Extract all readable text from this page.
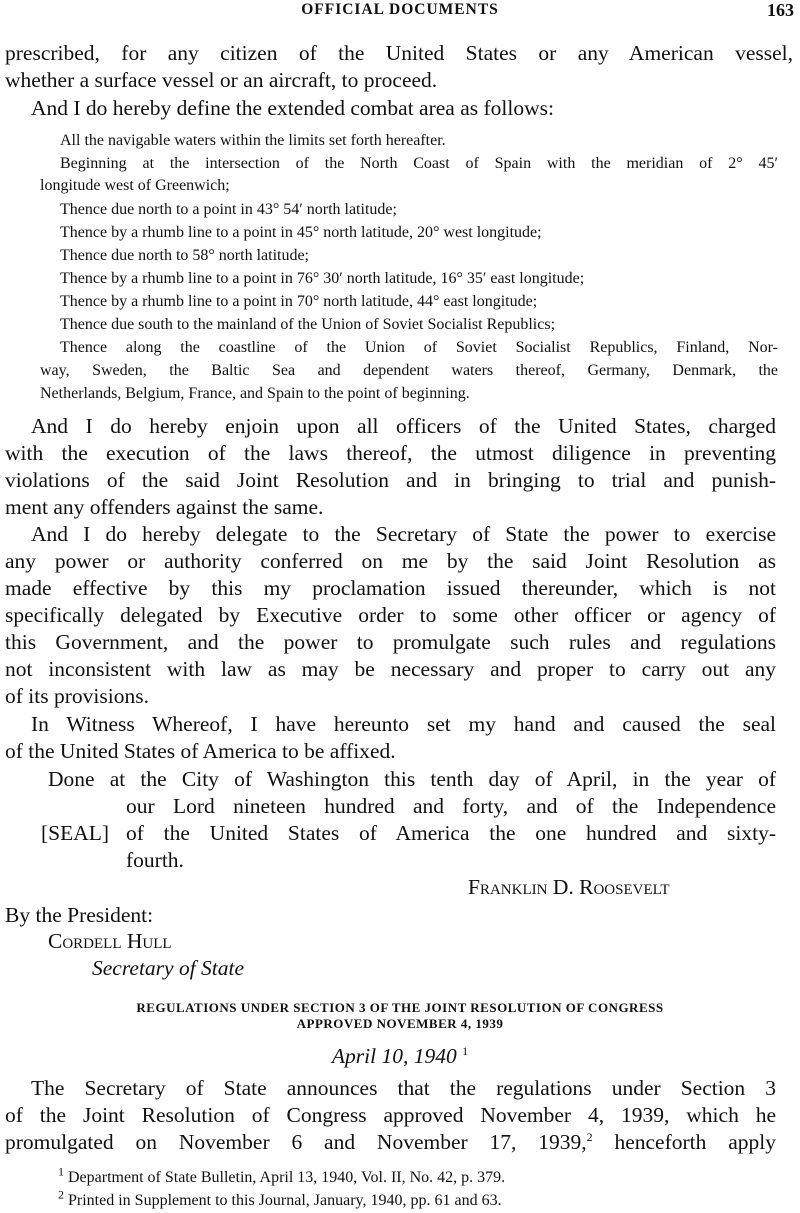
OFFICIAL DOCUMENTS	163
prescribed, for any citizen of the United States or any American vessel,
whether a surface vessel or an aircraft, to proceed.
And I do hereby define the extended combat area as follows:
All the navigable waters within the limits set forth hereafter.
Beginning at the intersection of the North Coast of Spain with the meridian of 2° 45′
longitude west of Greenwich;
Thence due north to a point in 43° 54′ north latitude;
Thence by a rhumb line to a point in 45° north latitude, 20° west longitude;
Thence due north to 58° north latitude;
Thence by a rhumb line to a point in 76° 30′ north latitude, 16° 35′ east longitude;
Thence by a rhumb line to a point in 70° north latitude, 44° east longitude;
Thence due south to the mainland of the Union of Soviet Socialist Republics;
Thence along the coastline of the Union of Soviet Socialist Republics, Finland, Nor-
way, Sweden, the Baltic Sea and dependent waters thereof, Germany, Denmark, the
Netherlands, Belgium, France, and Spain to the point of beginning.
And I do hereby enjoin upon all officers of the United States, charged
with the execution of the laws thereof, the utmost diligence in preventing
violations of the said Joint Resolution and in bringing to trial and punish-
ment any offenders against the same.
And I do hereby delegate to the Secretary of State the power to exercise
any power or authority conferred on me by the said Joint Resolution as
made effective by this my proclamation issued thereunder, which is not
specifically delegated by Executive order to some other officer or agency of
this Government, and the power to promulgate such rules and regulations
not inconsistent with law as may be necessary and proper to carry out any
of its provisions.
In Witness Whereof, I have hereunto set my hand and caused the seal
of the United States of America to be affixed.
Done at the City of Washington this tenth day of April, in the year of
our Lord nineteen hundred and forty, and of the Independence
[SEAL] of the United States of America the one hundred and sixty-
fourth.
Franklin D. Roosevelt
By the President:
Cordell Hull
Secretary of State
REGULATIONS UNDER SECTION 3 OF THE JOINT RESOLUTION OF CONGRESS
APPROVED NOVEMBER 4, 1939
April 10, 1940 $^1$
The Secretary of State announces that the regulations under Section 3
of the Joint Resolution of Congress approved November 4, 1939, which he
promulgated on November 6 and November 17, 1939,$^2$ henceforth apply
$^1$ Department of State Bulletin, April 13, 1940, Vol. II, No. 42, p. 379.
$^2$ Printed in Supplement to this Journal, January, 1940, pp. 61 and 63.
